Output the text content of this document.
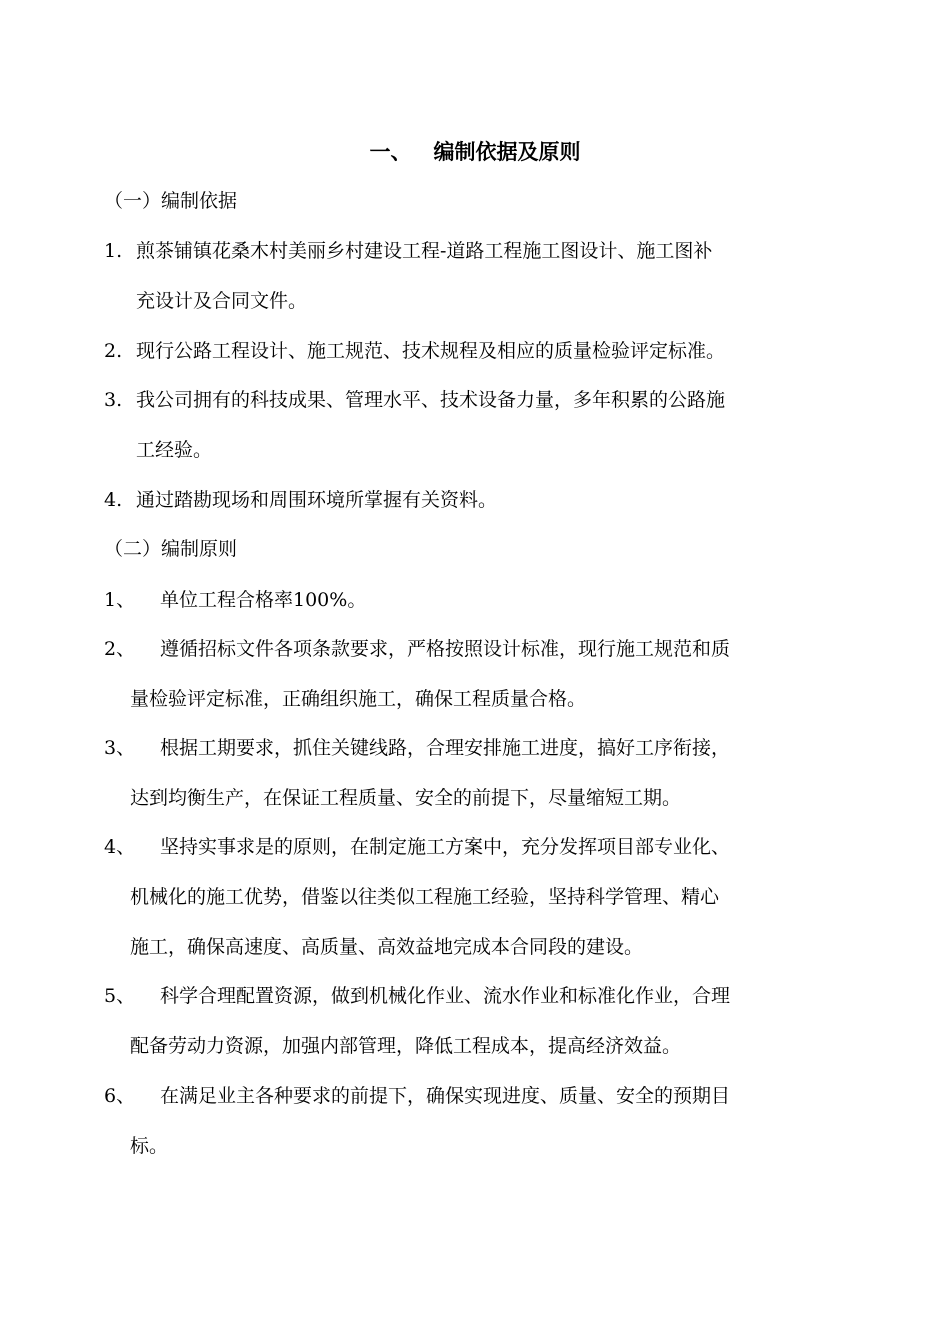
一、 编制依据及原则
（一）编制依据
1. 煎茶铺镇花桑木村美丽乡村建设工程-道路工程施工图设计、施工图补
充设计及合同文件。
2. 现行公路工程设计、施工规范、技术规程及相应的质量检验评定标准。
3. 我公司拥有的科技成果、管理水平、技术设备力量，多年积累的公路施
工经验。
4. 通过踏勘现场和周围环境所掌握有关资料。
（二）编制原则
1、 单位工程合格率100%。
2、 遵循招标文件各项条款要求，严格按照设计标准，现行施工规范和质
量检验评定标准，正确组织施工，确保工程质量合格。
3、 根据工期要求，抓住关键线路，合理安排施工进度，搞好工序衔接，
达到均衡生产，在保证工程质量、安全的前提下，尽量缩短工期。
4、 坚持实事求是的原则，在制定施工方案中，充分发挥项目部专业化、
机械化的施工优势，借鉴以往类似工程施工经验，坚持科学管理、精心
施工，确保高速度、高质量、高效益地完成本合同段的建设。
5、 科学合理配置资源，做到机械化作业、流水作业和标准化作业，合理
配备劳动力资源，加强内部管理，降低工程成本，提高经济效益。
6、 在满足业主各种要求的前提下，确保实现进度、质量、安全的预期目
标。
